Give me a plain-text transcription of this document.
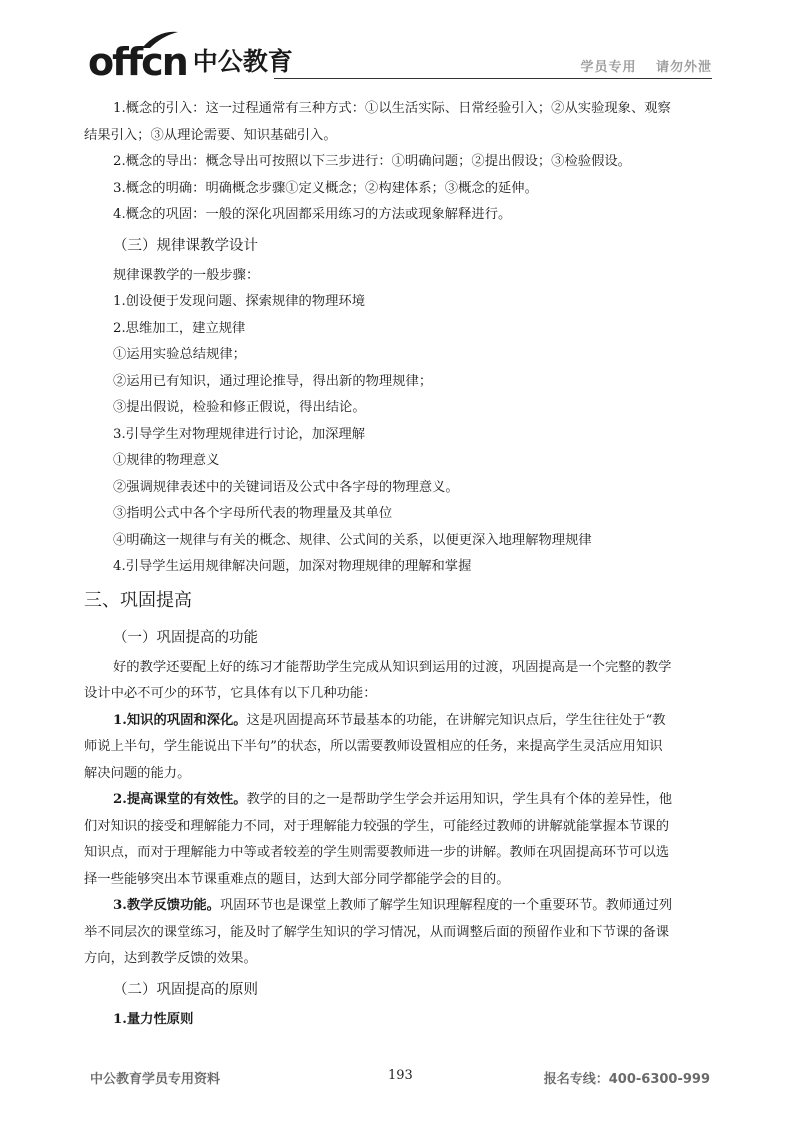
offcn 中公教育	学员专用 请勿外泄

1.概念的引入：这一过程通常有三种方式：①以生活实际、日常经验引入；②从实验现象、观察

结果引入；③从理论需要、知识基础引入。

2.概念的导出：概念导出可按照以下三步进行：①明确问题；②提出假设；③检验假设。

3.概念的明确：明确概念步骤①定义概念；②构建体系；③概念的延伸。

4.概念的巩固：一般的深化巩固都采用练习的方法或现象解释进行。

（三）规律课教学设计

规律课教学的一般步骤：

1.创设便于发现问题、探索规律的物理环境

2.思维加工，建立规律

①运用实验总结规律；

②运用已有知识，通过理论推导，得出新的物理规律；

③提出假说，检验和修正假说，得出结论。

3.引导学生对物理规律进行讨论，加深理解

①规律的物理意义

②强调规律表述中的关键词语及公式中各字母的物理意义。

③指明公式中各个字母所代表的物理量及其单位

④明确这一规律与有关的概念、规律、公式间的关系，以便更深入地理解物理规律

4.引导学生运用规律解决问题，加深对物理规律的理解和掌握

三、巩固提高

（一）巩固提高的功能

好的教学还要配上好的练习才能帮助学生完成从知识到运用的过渡，巩固提高是一个完整的教学

设计中必不可少的环节，它具体有以下几种功能：

1.知识的巩固和深化。这是巩固提高环节最基本的功能，在讲解完知识点后，学生往往处于“教

师说上半句，学生能说出下半句”的状态，所以需要教师设置相应的任务，来提高学生灵活应用知识

解决问题的能力。

2.提高课堂的有效性。教学的目的之一是帮助学生学会并运用知识，学生具有个体的差异性，他

们对知识的接受和理解能力不同，对于理解能力较强的学生，可能经过教师的讲解就能掌握本节课的

知识点，而对于理解能力中等或者较差的学生则需要教师进一步的讲解。教师在巩固提高环节可以选

择一些能够突出本节课重难点的题目，达到大部分同学都能学会的目的。

3.教学反馈功能。巩固环节也是课堂上教师了解学生知识理解程度的一个重要环节。教师通过列

举不同层次的课堂练习，能及时了解学生知识的学习情况，从而调整后面的预留作业和下节课的备课

方向，达到教学反馈的效果。

（二）巩固提高的原则

1.量力性原则

中公教育学员专用资料	193	报名专线：400-6300-999
